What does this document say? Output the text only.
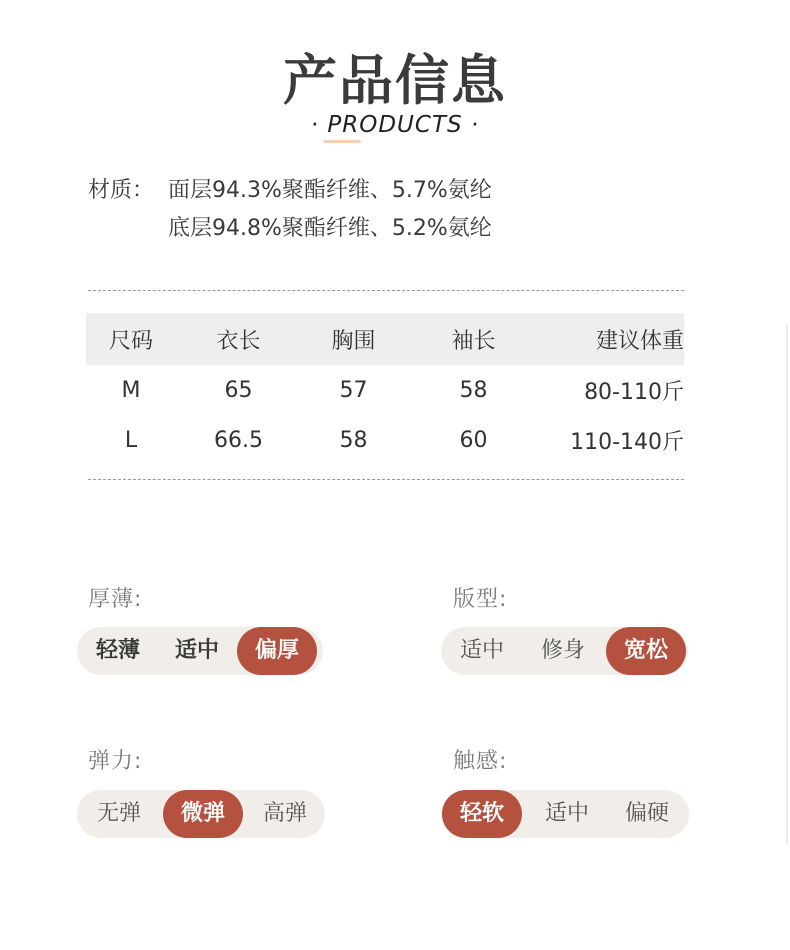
产品信息
· PRODUCTS ·
材质： 面层94.3%聚酯纤维、5.7%氨纶
底层94.8%聚酯纤维、5.2%氨纶
尺码	衣长	胸围	袖长	建议体重
M	65	57	58	80-110斤
L	66.5	58	60	110-140斤
厚薄:
轻薄	适中	偏厚
版型:
适中	修身	宽松
弹力:
无弹	微弹	高弹
触感:
轻软	适中	偏硬
